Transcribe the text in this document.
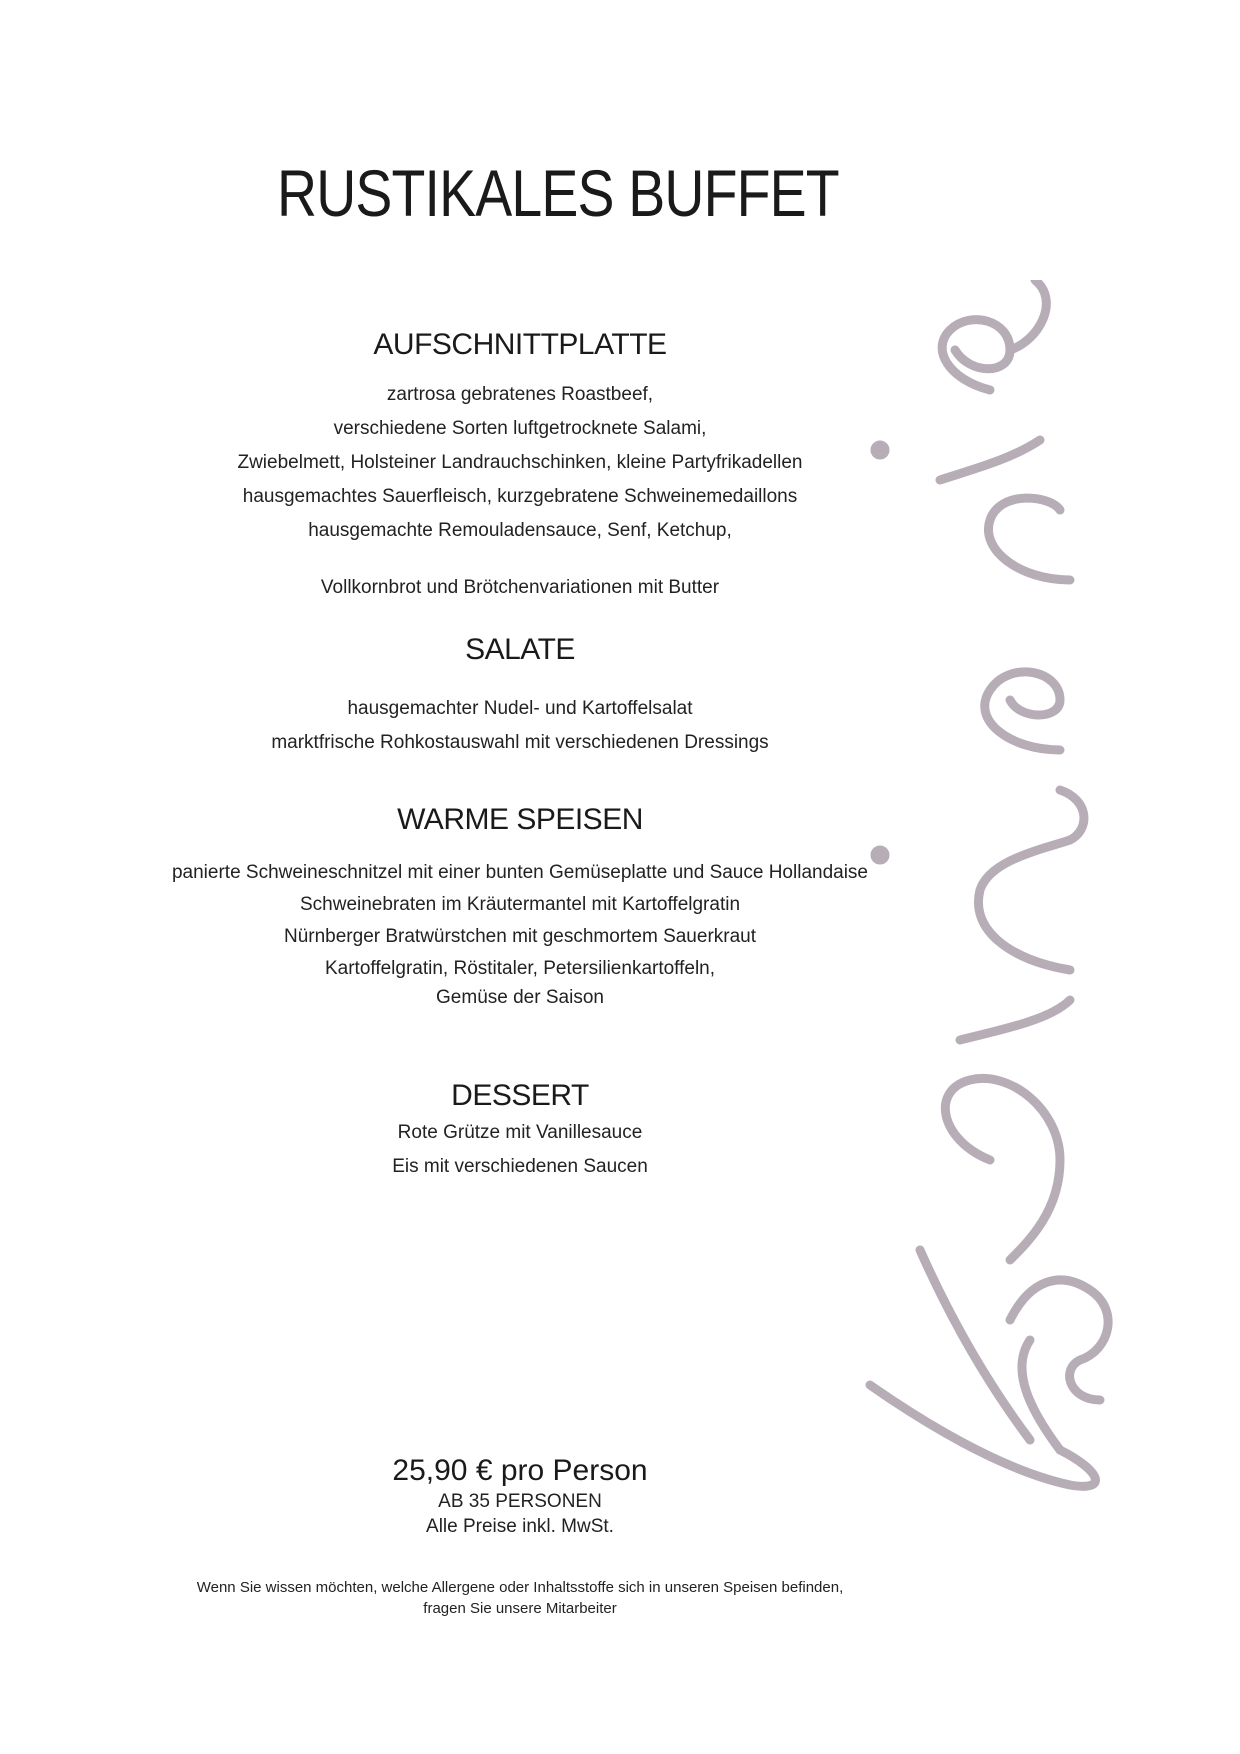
RUSTIKALES BUFFET
AUFSCHNITTPLATTE

zartrosa gebratenes Roastbeef,

verschiedene Sorten luftgetrocknete Salami,

Zwiebelmett, Holsteiner Landrauchschinken, kleine Partyfrikadellen

hausgemachtes Sauerfleisch, kurzgebratene Schweinemedaillons

hausgemachte Remouladensauce, Senf, Ketchup,

Vollkornbrot und Brötchenvariationen mit Butter

SALATE

hausgemachter Nudel- und Kartoffelsalat

marktfrische Rohkostauswahl mit verschiedenen Dressings

WARME SPEISEN

panierte Schweineschnitzel mit einer bunten Gemüseplatte und Sauce Hollandaise

Schweinebraten im Kräutermantel mit Kartoffelgratin

Nürnberger Bratwürstchen mit geschmortem Sauerkraut

Kartoffelgratin, Röstitaler, Petersilienkartoffeln,

Gemüse der Saison

DESSERT

Rote Grütze mit Vanillesauce

Eis mit verschiedenen Saucen

25,90 € pro Person

AB 35 PERSONEN

Alle Preise inkl. MwSt.

Wenn Sie wissen möchten, welche Allergene oder Inhaltsstoffe sich in unseren Speisen befinden,

fragen Sie unsere Mitarbeiter
